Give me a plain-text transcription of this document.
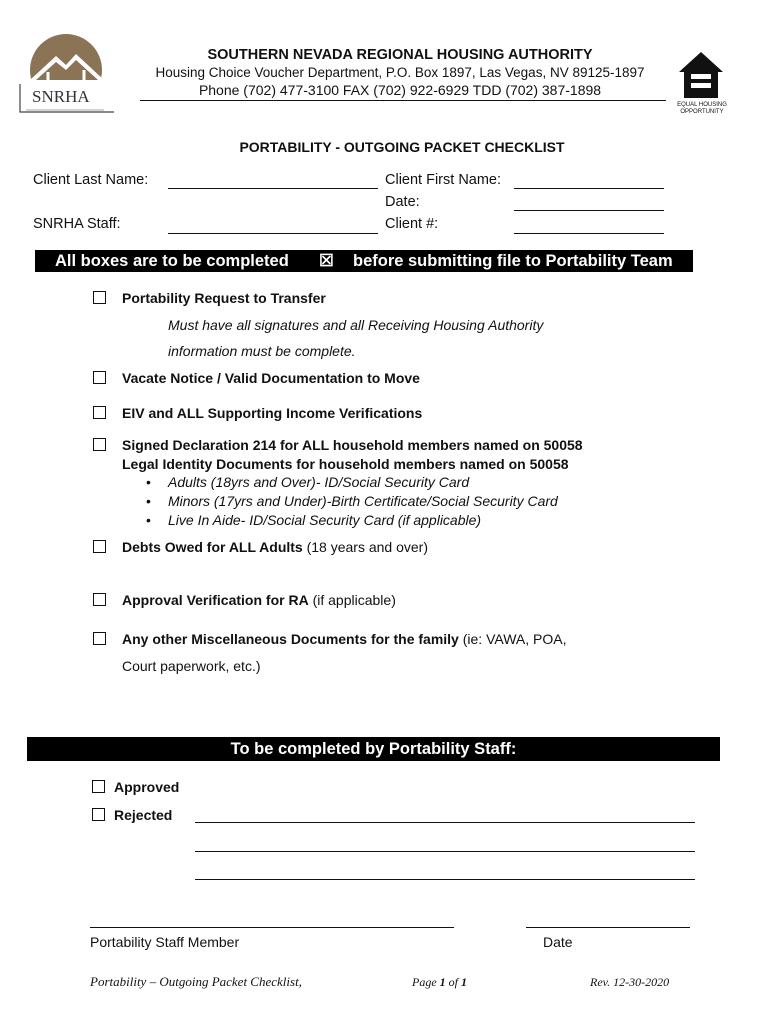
SNRHA
SOUTHERN NEVADA REGIONAL HOUSING AUTHORITY
Housing Choice Voucher Department, P.O. Box 1897, Las Vegas, NV 89125-1897
Phone (702) 477-3100 FAX (702) 922-6929 TDD (702) 387-1898
EQUAL HOUSING OPPORTUNITY
PORTABILITY - OUTGOING PACKET CHECKLIST
Client Last Name:	Client First Name:
Date:
SNRHA Staff:	Client #:
All boxes are to be completed ☒ before submitting file to Portability Team
Portability Request to Transfer
Must have all signatures and all Receiving Housing Authority
information must be complete.
Vacate Notice / Valid Documentation to Move
EIV and ALL Supporting Income Verifications
Signed Declaration 214 for ALL household members named on 50058
Legal Identity Documents for household members named on 50058
• Adults (18yrs and Over)- ID/Social Security Card
• Minors (17yrs and Under)-Birth Certificate/Social Security Card
• Live In Aide- ID/Social Security Card (if applicable)
Debts Owed for ALL Adults (18 years and over)
Approval Verification for RA (if applicable)
Any other Miscellaneous Documents for the family (ie: VAWA, POA,
Court paperwork, etc.)
To be completed by Portability Staff:
Approved
Rejected
Portability Staff Member	Date
Portability – Outgoing Packet Checklist,	Page 1 of 1	Rev. 12-30-2020
